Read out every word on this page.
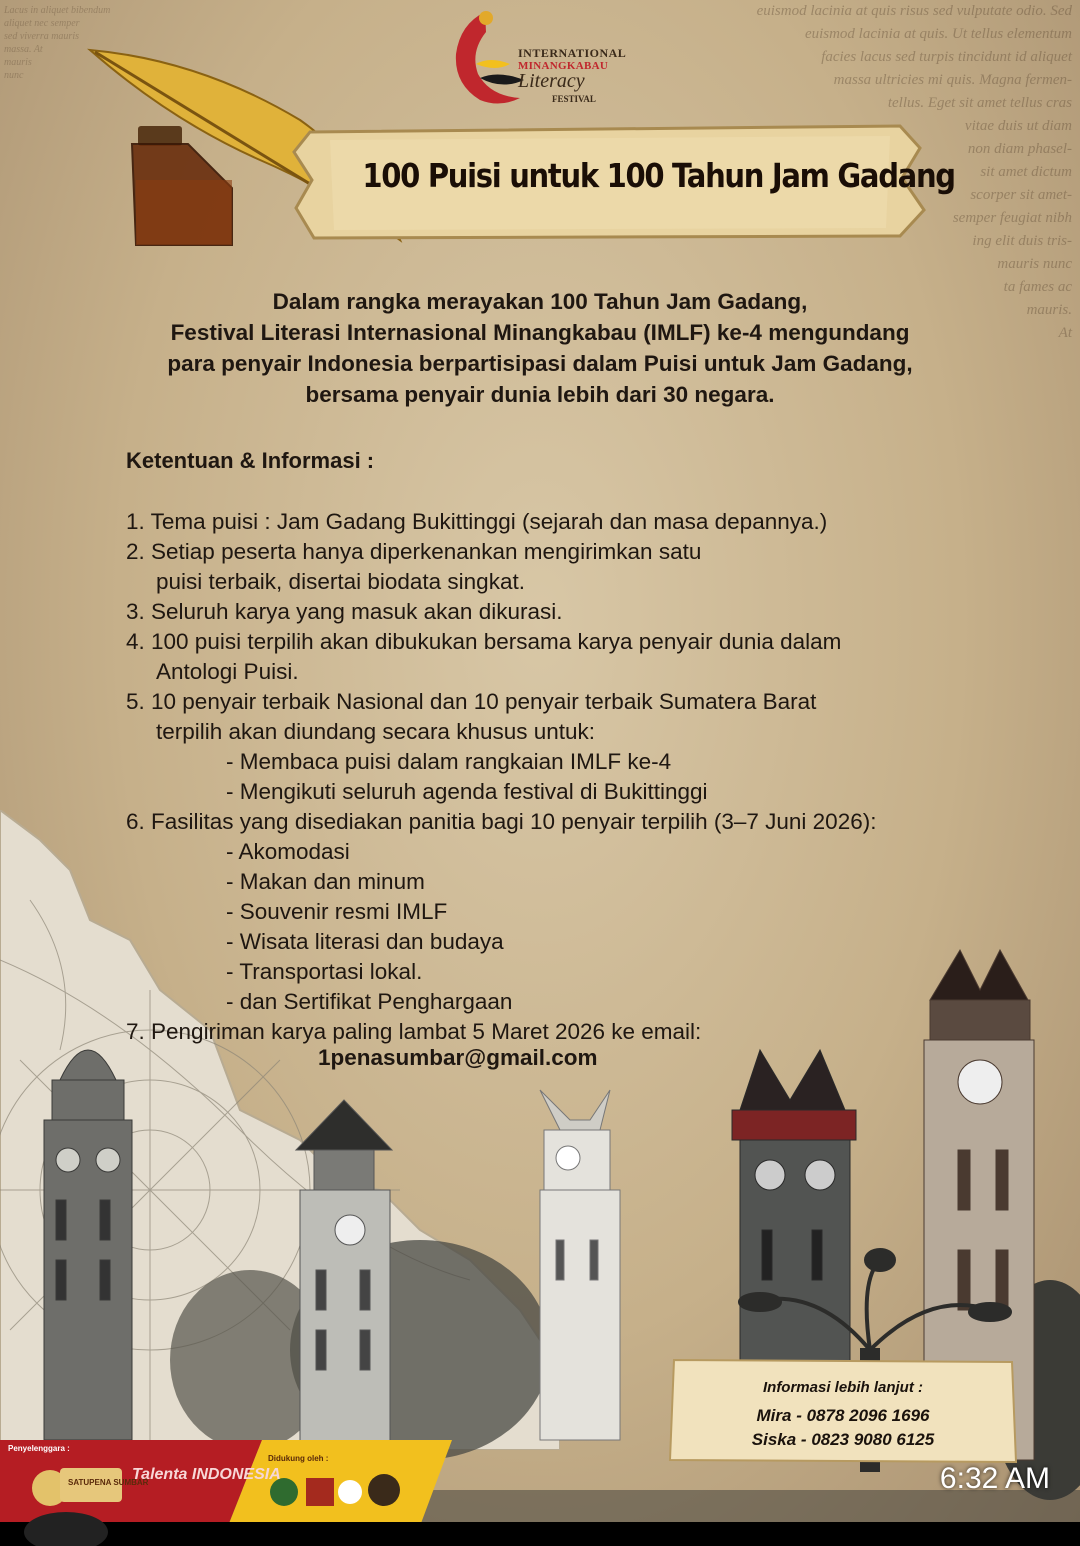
euismod lacinia at quis risus sed vulputate odio. Sed
euismod lacinia at quis. Ut tellus elementum
facies lacus sed turpis tincidunt id aliquet
massa ultricies mi quis. Magna fermen-
tellus. Eget sit amet tellus cras
vitae duis ut diam
non diam phasel-
sit amet dictum
scorper sit amet-
semper feugiat nibh
ing elit duis tris-
mauris nunc
ta fames ac
mauris.
At
Lacus in aliquet bibendum
aliquet nec semper
sed viverra mauris
massa. At
mauris
nunc
INTERNATIONAL
MINANGKABAU
Literacy
FESTIVAL
100 Puisi untuk 100 Tahun Jam Gadang
Dalam rangka merayakan 100 Tahun Jam Gadang,
Festival Literasi Internasional Minangkabau (IMLF) ke-4 mengundang
para penyair Indonesia berpartisipasi dalam Puisi untuk Jam Gadang,
bersama penyair dunia lebih dari 30 negara.
Ketentuan & Informasi :
1. Tema puisi : Jam Gadang Bukittinggi (sejarah dan masa depannya.)
2. Setiap peserta hanya diperkenankan mengirimkan satu
puisi terbaik, disertai biodata singkat.
3. Seluruh karya yang masuk akan dikurasi.
4. 100 puisi terpilih akan dibukukan bersama karya penyair dunia dalam
Antologi Puisi.
5. 10 penyair terbaik Nasional dan 10 penyair terbaik Sumatera Barat
terpilih akan diundang secara khusus untuk:
- Membaca puisi dalam rangkaian IMLF ke-4
- Mengikuti seluruh agenda festival di Bukittinggi
6. Fasilitas yang disediakan panitia bagi 10 penyair terpilih (3–7 Juni 2026):
- Akomodasi
- Makan dan minum
- Souvenir resmi IMLF
- Wisata literasi dan budaya
- Transportasi lokal.
- dan Sertifikat Penghargaan
7. Pengiriman karya paling lambat 5 Maret 2026 ke email:
1penasumbar@gmail.com
Informasi lebih lanjut :
Mira - 0878 2096 1696
Siska - 0823 9080 6125
Penyelenggara :
SATUPENA SUMBAR
Talenta INDONESIA
Didukung oleh :
6:32 AM
